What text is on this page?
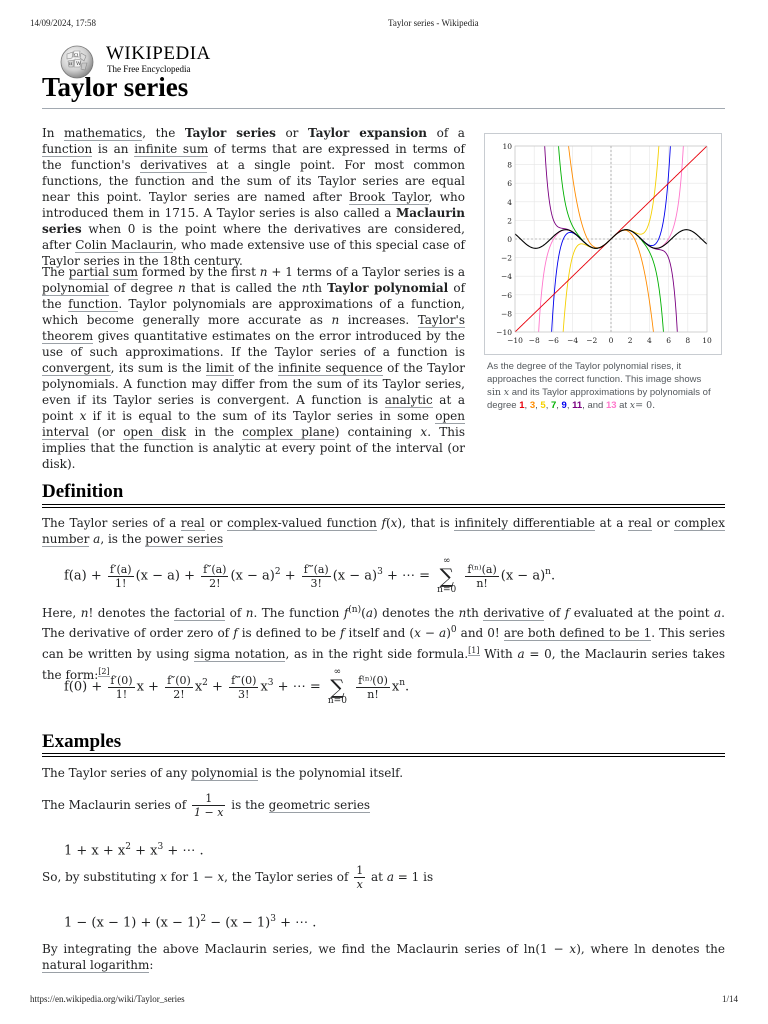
14/09/2024, 17:58	Taylor series - Wikipedia
Ω
W
И WIKIPEDIA
The Free Encyclopedia
Taylor series

In mathematics, the Taylor series or Taylor expansion of a function is an infinite sum of terms that are expressed in terms of the function's derivatives at a single point. For most common functions, the function and the sum of its Taylor series are equal near this point. Taylor series are named after Brook Taylor, who introduced them in 1715. A Taylor series is also called a Maclaurin series when 0 is the point where the derivatives are considered, after Colin Maclaurin, who made extensive use of this special case of Taylor series in the 18th century.

The partial sum formed by the first n + 1 terms of a Taylor series is a polynomial of degree n that is called the nth Taylor polynomial of the function. Taylor polynomials are approximations of a function, which become generally more accurate as n increases. Taylor's theorem gives quantitative estimates on the error introduced by the use of such approximations. If the Taylor series of a function is convergent, its sum is the limit of the infinite sequence of the Taylor polynomials. A function may differ from the sum of its Taylor series, even if its Taylor series is convergent. A function is analytic at a point x if it is equal to the sum of its Taylor series in some open interval (or open disk in the complex plane) containing x. This implies that the function is analytic at every point of the interval (or disk).

−10 −8 −6 −4 −2 0 2 4 6 8 10
10
8
6
4
2
0
−2
−4
−6
−8
−10

As the degree of the Taylor polynomial rises, it approaches the correct function. This image shows sin x and its Taylor approximations by polynomials of degree 1, 3, 5, 7, 9, 11, and 13 at x= 0.

Definition

The Taylor series of a real or complex-valued function f(x), that is infinitely differentiable at a real or complex number a, is the power series

$f(a) + \frac{f'(a)}{1!} (x - a) + \frac{f''(a)}{2!} (x - a)^2 + \frac{f‴(a)}{3!} (x - a)^3$ + ⋯ =
∞
∑
n=0

$\frac{\text{f⁽ⁿ⁾(a)}}{n!} (x - a)^n$.

Here, n! denotes the factorial of n. The function $f^{(n)}(a)$ denotes the nth derivative of f evaluated at the point a. The derivative of order zero of f is defined to be f itself and $(x - a)^0$ and 0! are both defined to be 1. This series can be written by using sigma notation, as in the right side formula.[1] With a = 0, the Maclaurin series takes the form:[2]

$f(0) + \frac{f'(0)}{1!}$ $x + \frac{f''(0)}{2!} x^2 + \frac{f‴(0)}{3!} x^3$ + ⋯ =
∞
∑
n=0

$\frac{\text{f⁽ⁿ⁾(0)}}{n!} x^n$.
Examples

The Taylor series of any polynomial is the polynomial itself.

The Maclaurin series of $\frac{1}{1 - x}$ is the geometric series

$1 + x + x^2 + x^3$ + ⋯ .

So, by substituting x for 1 − x, the Taylor series of $\frac{1}{x}$ at a = 1 is

$1 - (x - 1) + (x - 1)^2 - (x - 1)^3$ + ⋯ .

By integrating the above Maclaurin series, we find the Maclaurin series of ln(1 − x), where ln denotes the natural logarithm:

https://en.wikipedia.org/wiki/Taylor_series	1/14
